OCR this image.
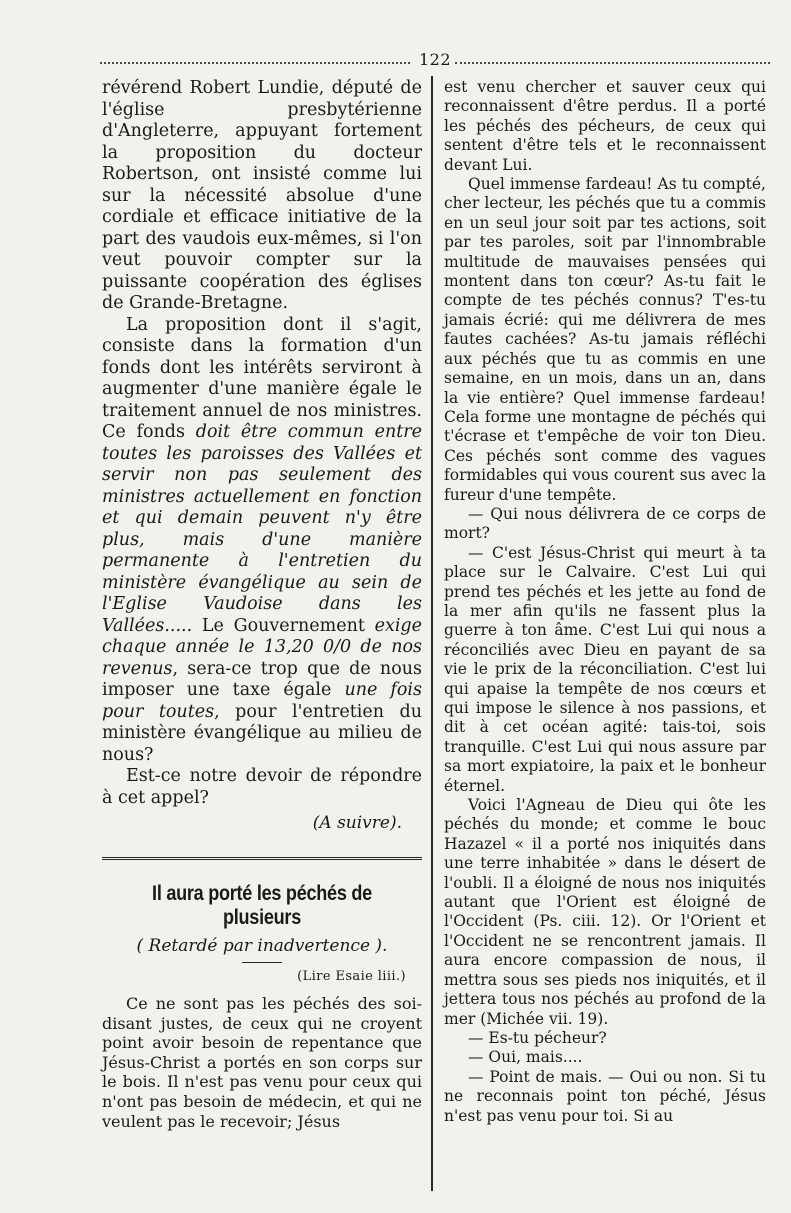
122

révérend Robert Lundie, député de l'église presbytérienne d'Angleterre, appuyant fortement la proposition du docteur Robertson, ont insisté comme lui sur la nécessité absolue d'une cordiale et efficace initiative de la part des vaudois eux-mêmes, si l'on veut pouvoir compter sur la puissante coopération des églises de Grande-Bretagne.

La proposition dont il s'agit, consiste dans la formation d'un fonds dont les intérêts serviront à augmenter d'une manière égale le traitement annuel de nos ministres. Ce fonds doit être commun entre toutes les paroisses des Vallées et servir non pas seulement des ministres actuellement en fonction et qui demain peuvent n'y être plus, mais d'une manière permanente à l'entretien du ministère évangélique au sein de l'Eglise Vaudoise dans les Vallées..... Le Gouvernement exige chaque année le 13,20 0/0 de nos revenus, sera-ce trop que de nous imposer une taxe égale une fois pour toutes, pour l'entretien du ministère évangélique au milieu de nous?

Est-ce notre devoir de répondre à cet appel?

(A suivre).
Il aura porté les péchés de plusieurs
( Retardé par inadvertence ).
(Lire Esaie liii.)

Ce ne sont pas les péchés des soi-disant justes, de ceux qui ne croyent point avoir besoin de repentance que Jésus-Christ a portés en son corps sur le bois. Il n'est pas venu pour ceux qui n'ont pas besoin de médecin, et qui ne veulent pas le recevoir; Jésus

est venu chercher et sauver ceux qui reconnaissent d'être perdus. Il a porté les péchés des pécheurs, de ceux qui sentent d'être tels et le reconnaissent devant Lui.

Quel immense fardeau! As tu compté, cher lecteur, les péchés que tu a commis en un seul jour soit par tes actions, soit par tes paroles, soit par l'innombrable multitude de mauvaises pensées qui montent dans ton cœur? As-tu fait le compte de tes péchés connus? T'es-tu jamais écrié: qui me délivrera de mes fautes cachées? As-tu jamais réfléchi aux péchés que tu as commis en une semaine, en un mois, dans un an, dans la vie entière? Quel immense fardeau! Cela forme une montagne de péchés qui t'écrase et t'empêche de voir ton Dieu. Ces péchés sont comme des vagues formidables qui vous courent sus avec la fureur d'une tempête.

— Qui nous délivrera de ce corps de mort?

— C'est Jésus-Christ qui meurt à ta place sur le Calvaire. C'est Lui qui prend tes péchés et les jette au fond de la mer afin qu'ils ne fassent plus la guerre à ton âme. C'est Lui qui nous a réconciliés avec Dieu en payant de sa vie le prix de la réconciliation. C'est lui qui apaise la tempête de nos cœurs et qui impose le silence à nos passions, et dit à cet océan agité: tais-toi, sois tranquille. C'est Lui qui nous assure par sa mort expiatoire, la paix et le bonheur éternel.

Voici l'Agneau de Dieu qui ôte les péchés du monde; et comme le bouc Hazazel « il a porté nos iniquités dans une terre inhabitée » dans le désert de l'oubli. Il a éloigné de nous nos iniquités autant que l'Orient est éloigné de l'Occident (Ps. ciii. 12). Or l'Orient et l'Occident ne se rencontrent jamais. Il aura encore compassion de nous, il mettra sous ses pieds nos iniquités, et il jettera tous nos péchés au profond de la mer (Michée vii. 19).

— Es-tu pécheur?

— Oui, mais....

— Point de mais. — Oui ou non. Si tu ne reconnais point ton péché, Jésus n'est pas venu pour toi. Si au
